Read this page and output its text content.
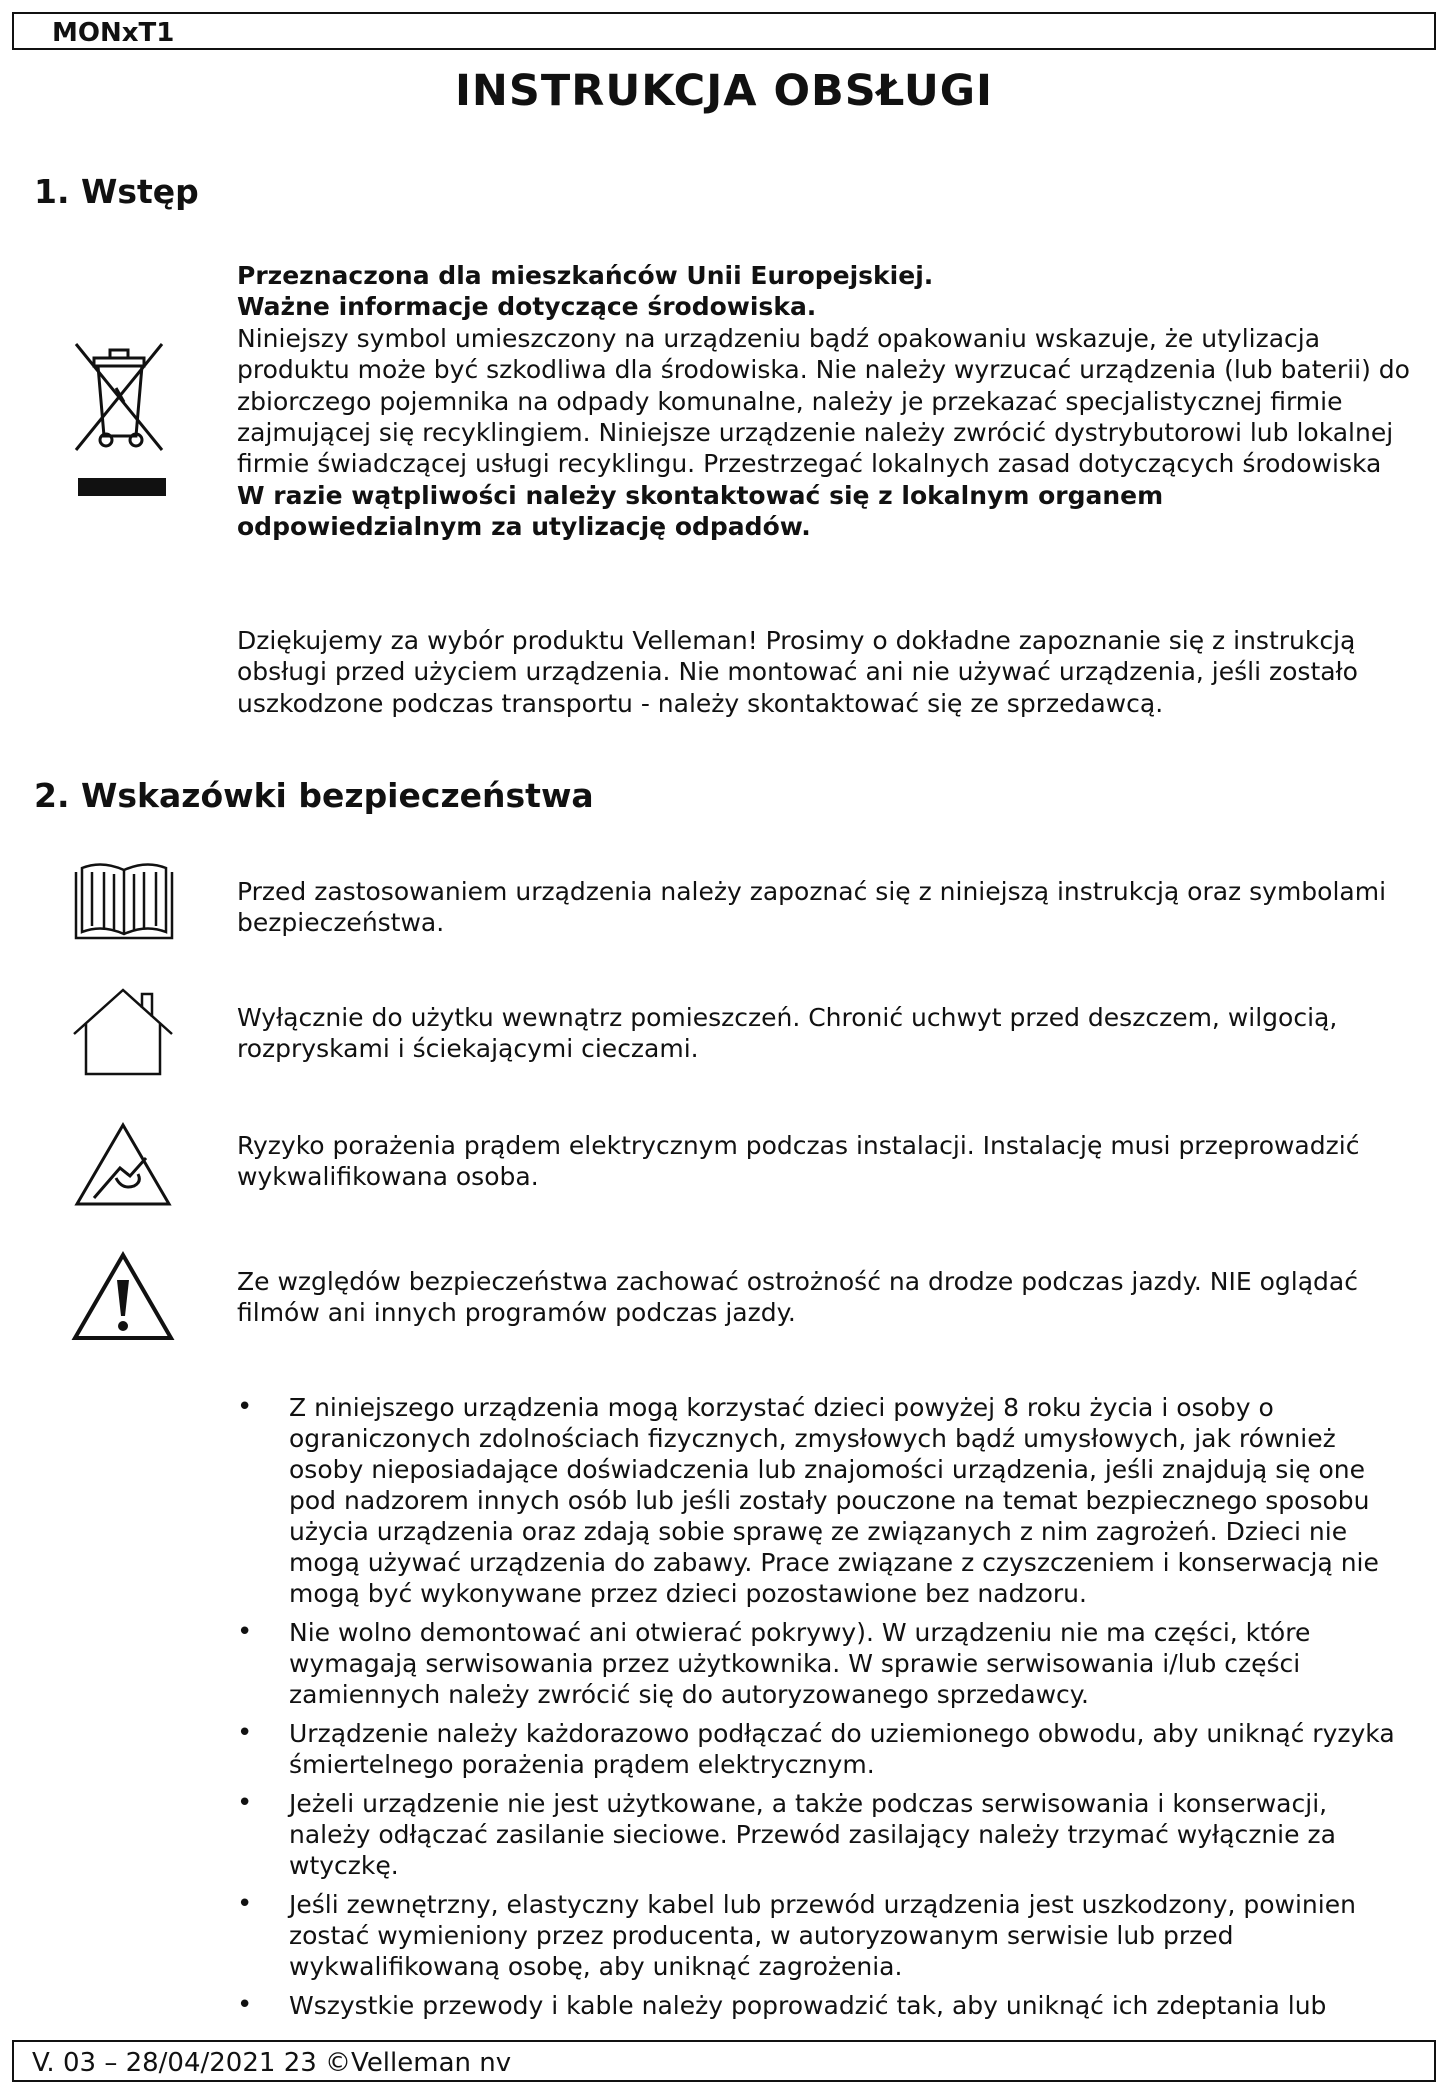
MONxT1
INSTRUKCJA OBSŁUGI
1. Wstęp
Przeznaczona dla mieszkańców Unii Europejskiej.
Ważne informacje dotyczące środowiska.
Niniejszy symbol umieszczony na urządzeniu bądź opakowaniu wskazuje, że utylizacja produktu może być szkodliwa dla środowiska. Nie należy wyrzucać urządzenia (lub baterii) do zbiorczego pojemnika na odpady komunalne, należy je przekazać specjalistycznej firmie zajmującej się recyklingiem. Niniejsze urządzenie należy zwrócić dystrybutorowi lub lokalnej firmie świadczącej usługi recyklingu. Przestrzegać lokalnych zasad dotyczących środowiska
W razie wątpliwości należy skontaktować się z lokalnym organem odpowiedzialnym za utylizację odpadów.

Dziękujemy za wybór produktu Velleman! Prosimy o dokładne zapoznanie się z instrukcją obsługi przed użyciem urządzenia. Nie montować ani nie używać urządzenia, jeśli zostało uszkodzone podczas transportu - należy skontaktować się ze sprzedawcą.

2. Wskazówki bezpieczeństwa

Przed zastosowaniem urządzenia należy zapoznać się z niniejszą instrukcją oraz symbolami bezpieczeństwa.

Wyłącznie do użytku wewnątrz pomieszczeń. Chronić uchwyt przed deszczem, wilgocią, rozpryskami i ściekającymi cieczami.

Ryzyko porażenia prądem elektrycznym podczas instalacji. Instalację musi przeprowadzić wykwalifikowana osoba.

Ze względów bezpieczeństwa zachować ostrożność na drodze podczas jazdy. NIE oglądać filmów ani innych programów podczas jazdy.

• Z niniejszego urządzenia mogą korzystać dzieci powyżej 8 roku życia i osoby o ograniczonych zdolnościach fizycznych, zmysłowych bądź umysłowych, jak również osoby nieposiadające doświadczenia lub znajomości urządzenia, jeśli znajdują się one pod nadzorem innych osób lub jeśli zostały pouczone na temat bezpiecznego sposobu użycia urządzenia oraz zdają sobie sprawę ze związanych z nim zagrożeń. Dzieci nie mogą używać urządzenia do zabawy. Prace związane z czyszczeniem i konserwacją nie mogą być wykonywane przez dzieci pozostawione bez nadzoru.
• Nie wolno demontować ani otwierać pokrywy). W urządzeniu nie ma części, które wymagają serwisowania przez użytkownika. W sprawie serwisowania i/lub części zamiennych należy zwrócić się do autoryzowanego sprzedawcy.
• Urządzenie należy każdorazowo podłączać do uziemionego obwodu, aby uniknąć ryzyka śmiertelnego porażenia prądem elektrycznym.
• Jeżeli urządzenie nie jest użytkowane, a także podczas serwisowania i konserwacji, należy odłączać zasilanie sieciowe. Przewód zasilający należy trzymać wyłącznie za wtyczkę.
• Jeśli zewnętrzny, elastyczny kabel lub przewód urządzenia jest uszkodzony, powinien zostać wymieniony przez producenta, w autoryzowanym serwisie lub przed wykwalifikowaną osobę, aby uniknąć zagrożenia.
• Wszystkie przewody i kable należy poprowadzić tak, aby uniknąć ich zdeptania lub
V. 03 – 28/04/2021 23 ©Velleman nv
